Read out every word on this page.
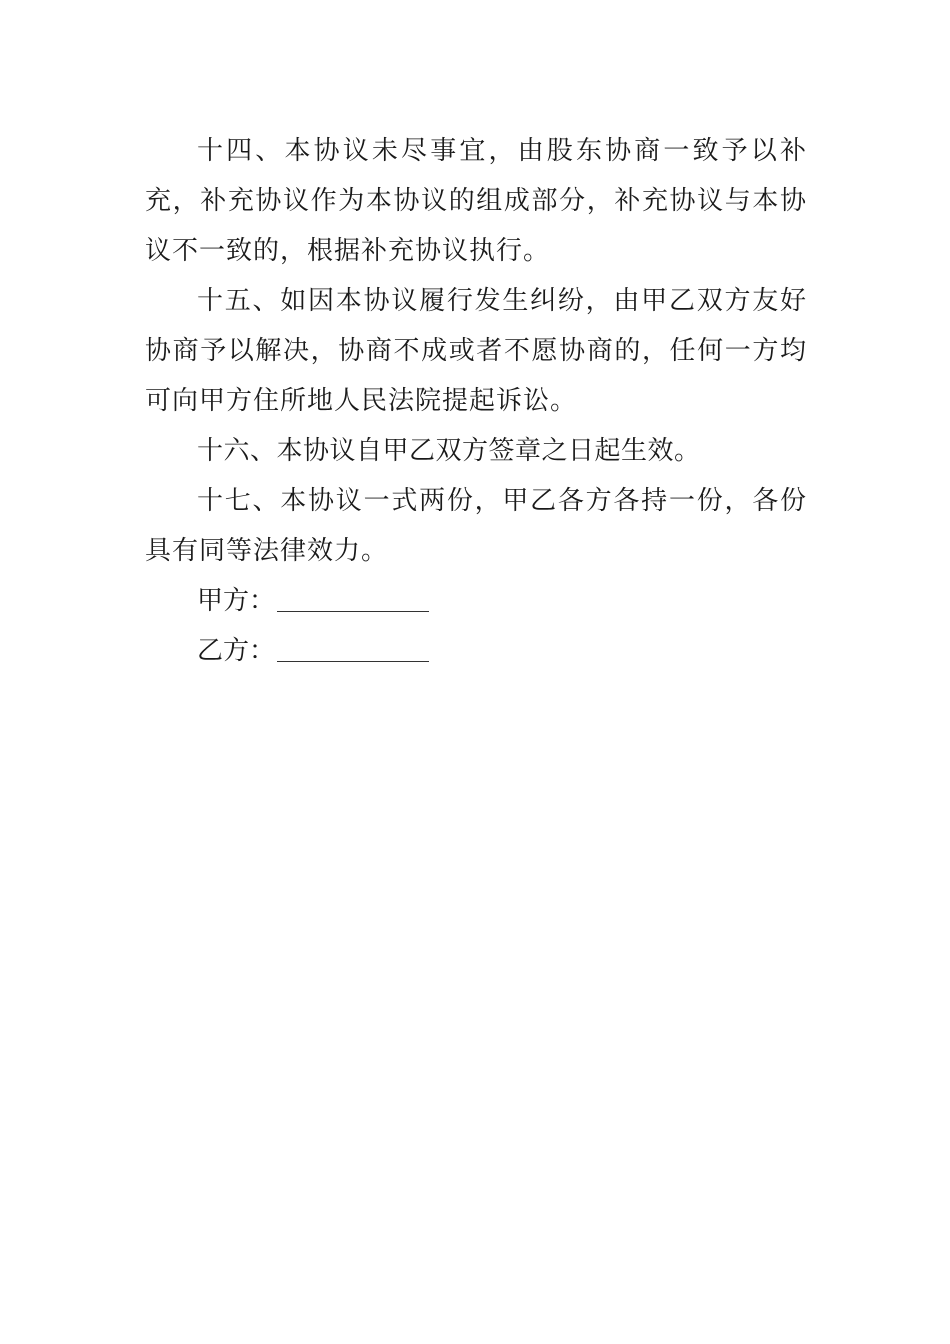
十四、本协议未尽事宜，由股东协商一致予以补充，补充协议作为本协议的组成部分，补充协议与本协议不一致的，根据补充协议执行。

十五、如因本协议履行发生纠纷，由甲乙双方友好协商予以解决，协商不成或者不愿协商的，任何一方均可向甲方住所地人民法院提起诉讼。

十六、本协议自甲乙双方签章之日起生效。

十七、本协议一式两份，甲乙各方各持一份，各份具有同等法律效力。

甲方：
乙方：
